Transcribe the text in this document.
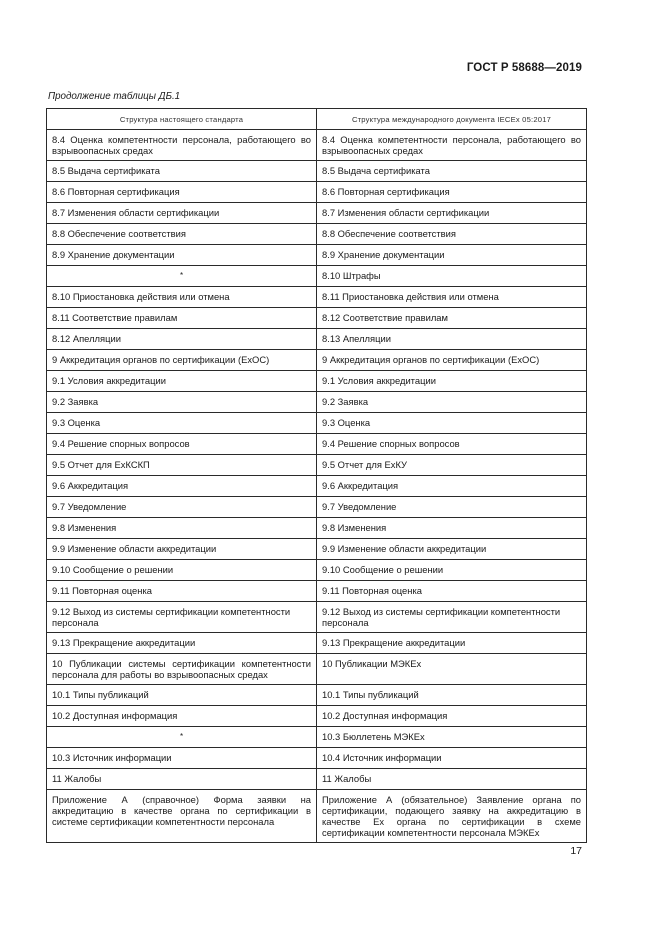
ГОСТ Р 58688—2019
Продолжение таблицы ДБ.1
Структура настоящего стандарта	Структура международного документа IECEx 05:2017
8.4 Оценка компетентности персонала, работающего во взрывоопасных средах	8.4 Оценка компетентности персонала, работающего во взрывоопасных средах
8.5 Выдача сертификата	8.5 Выдача сертификата
8.6 Повторная сертификация	8.6 Повторная сертификация
8.7 Изменения области сертификации	8.7 Изменения области сертификации
8.8 Обеспечение соответствия	8.8 Обеспечение соответствия
8.9 Хранение документации	8.9 Хранение документации
*	8.10 Штрафы
8.10 Приостановка действия или отмена	8.11 Приостановка действия или отмена
8.11 Соответствие правилам	8.12 Соответствие правилам
8.12 Апелляции	8.13 Апелляции
9 Аккредитация органов по сертификации (ExOC)	9 Аккредитация органов по сертификации (ExOC)
9.1 Условия аккредитации	9.1 Условия аккредитации
9.2 Заявка	9.2 Заявка
9.3 Оценка	9.3 Оценка
9.4 Решение спорных вопросов	9.4 Решение спорных вопросов
9.5 Отчет для ExКСКП	9.5 Отчет для ExКУ
9.6 Аккредитация	9.6 Аккредитация
9.7 Уведомление	9.7 Уведомление
9.8 Изменения	9.8 Изменения
9.9 Изменение области аккредитации	9.9 Изменение области аккредитации
9.10 Сообщение о решении	9.10 Сообщение о решении
9.11 Повторная оценка	9.11 Повторная оценка
9.12 Выход из системы сертификации компетентности персонала	9.12 Выход из системы сертификации компетентности персонала
9.13 Прекращение аккредитации	9.13 Прекращение аккредитации
10 Публикации системы сертификации компетентности персонала для работы во взрывоопасных средах	10 Публикации МЭКЕх
10.1 Типы публикаций	10.1 Типы публикаций
10.2 Доступная информация	10.2 Доступная информация
*	10.3 Бюллетень МЭКЕх
10.3 Источник информации	10.4 Источник информации
11 Жалобы	11 Жалобы
Приложение А (справочное) Форма заявки на аккредитацию в качестве органа по сертификации в системе сертификации компетентности персонала	Приложение А (обязательное) Заявление органа по сертификации, подающего заявку на аккредитацию в качестве Ex органа по сертификации в схеме сертификации компетентности персонала МЭКЕх
17
